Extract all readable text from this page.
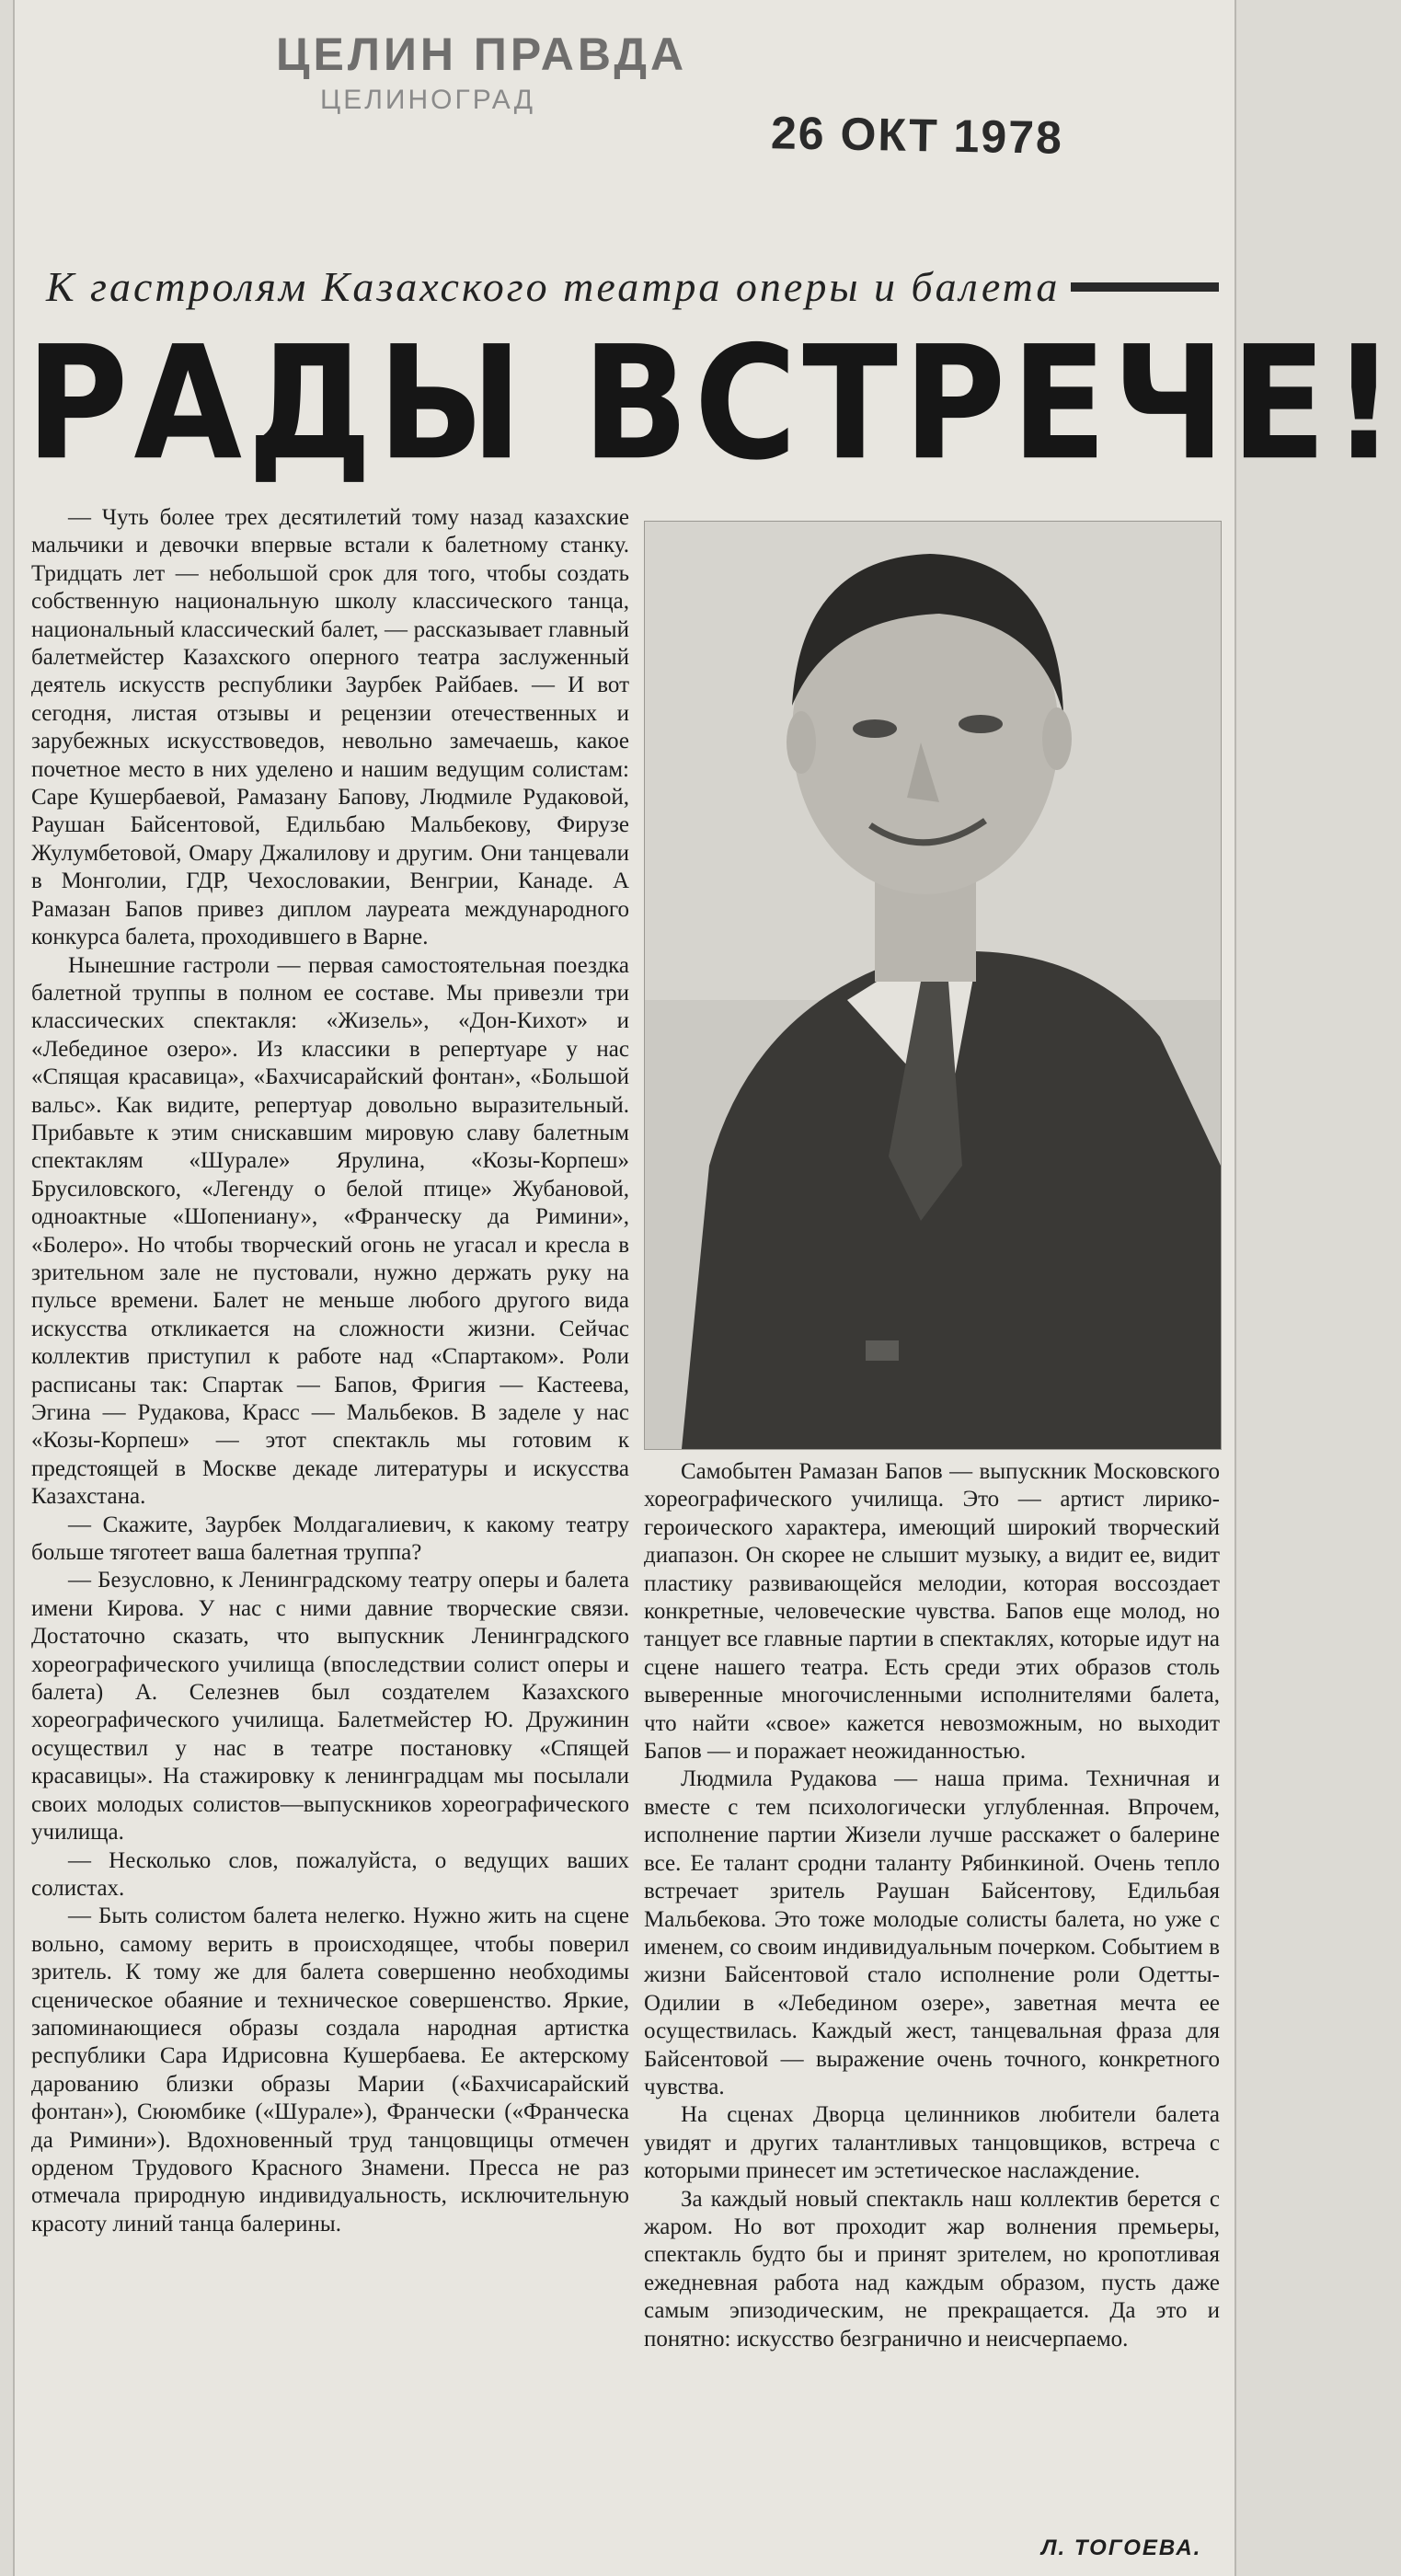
ЦЕЛИН ПРАВДА
ЦЕЛИНОГРАД
26 ОКТ 1978
К гастролям Казахского театра оперы и балета
РАДЫ ВСТРЕЧЕ!

— Чуть более трех десятилетий тому назад казахские мальчики и девочки впервые встали к балетному станку. Тридцать лет — небольшой срок для того, чтобы создать собственную национальную школу классического танца, национальный классический балет, — рассказывает главный балетмейстер Казахского оперного театра заслуженный деятель искусств республики Заурбек Райбаев. — И вот сегодня, листая отзывы и рецензии отечественных и зарубежных искусствоведов, невольно замечаешь, какое почетное место в них уделено и нашим ведущим солистам: Саре Кушербаевой, Рамазану Бапову, Людмиле Рудаковой, Раушан Байсентовой, Едильбаю Мальбекову, Фирузе Жулумбетовой, Омару Джалилову и другим. Они танцевали в Монголии, ГДР, Чехословакии, Венгрии, Канаде. А Рамазан Бапов привез диплом лауреата международного конкурса балета, проходившего в Варне.

Нынешние гастроли — первая самостоятельная поездка балетной труппы в полном ее составе. Мы привезли три классических спектакля: «Жизель», «Дон-Кихот» и «Лебединое озеро». Из классики в репертуаре у нас «Спящая красавица», «Бахчисарайский фонтан», «Большой вальс». Как видите, репертуар довольно выразительный. Прибавьте к этим снискавшим мировую славу балетным спектаклям «Шурале» Ярулина, «Козы-Корпеш» Брусиловского, «Легенду о белой птице» Жубановой, одноактные «Шопениану», «Франческу да Римини», «Болеро». Но чтобы творческий огонь не угасал и кресла в зрительном зале не пустовали, нужно держать руку на пульсе времени. Балет не меньше любого другого вида искусства откликается на сложности жизни. Сейчас коллектив приступил к работе над «Спартаком». Роли расписаны так: Спартак — Бапов, Фригия — Кастеева, Эгина — Рудакова, Красс — Мальбеков. В заделе у нас «Козы-Корпеш» — этот спектакль мы готовим к предстоящей в Москве декаде литературы и искусства Казахстана.

— Скажите, Заурбек Молдагалиевич, к какому театру больше тяготеет ваша балетная труппа?

— Безусловно, к Ленинградскому театру оперы и балета имени Кирова. У нас с ними давние творческие связи. Достаточно сказать, что выпускник Ленинградского хореографического училища (впоследствии солист оперы и балета) А. Селезнев был создателем Казахского хореографического училища. Балетмейстер Ю. Дружинин осуществил у нас в театре постановку «Спящей красавицы». На стажировку к ленинградцам мы посылали своих молодых солистов—выпускников хореографического училища.

— Несколько слов, пожалуйста, о ведущих ваших солистах.

— Быть солистом балета нелегко. Нужно жить на сцене вольно, самому верить в происходящее, чтобы поверил зритель. К тому же для балета совершенно необходимы сценическое обаяние и техническое совершенство. Яркие, запоминающиеся образы создала народная артистка республики Сара Идрисовна Кушербаева. Ее актерскому дарованию близки образы Марии («Бахчисарайский фонтан»), Сююмбике («Шурале»), Франчески («Франческа да Римини»). Вдохновенный труд танцовщицы отмечен орденом Трудового Красного Знамени. Пресса не раз отмечала природную индивидуальность, исключительную красоту линий танца балерины.

Самобытен Рамазан Бапов — выпускник Московского хореографического училища. Это — артист лирико-героического характера, имеющий широкий творческий диапазон. Он скорее не слышит музыку, а видит ее, видит пластику развивающейся мелодии, которая воссоздает конкретные, человеческие чувства. Бапов еще молод, но танцует все главные партии в спектаклях, которые идут на сцене нашего театра. Есть среди этих образов столь выверенные многочисленными исполнителями балета, что найти «свое» кажется невозможным, но выходит Бапов — и поражает неожиданностью.

Людмила Рудакова — наша прима. Техничная и вместе с тем психологически углубленная. Впрочем, исполнение партии Жизели лучше расскажет о балерине все. Ее талант сродни таланту Рябинкиной. Очень тепло встречает зритель Раушан Байсентову, Едильбая Мальбекова. Это тоже молодые солисты балета, но уже с именем, со своим индивидуальным почерком. Событием в жизни Байсентовой стало исполнение роли Одетты-Одилии в «Лебедином озере», заветная мечта ее осуществилась. Каждый жест, танцевальная фраза для Байсентовой — выражение очень точного, конкретного чувства.

На сценах Дворца целинников любители балета увидят и других талантливых танцовщиков, встреча с которыми принесет им эстетическое наслаждение.

За каждый новый спектакль наш коллектив берется с жаром. Но вот проходит жар волнения премьеры, спектакль будто бы и принят зрителем, но кропотливая ежедневная работа над каждым образом, пусть даже самым эпизодическим, не прекращается. Да это и понятно: искусство безгранично и неисчерпаемо.

Л. ТОГОЕВА.
